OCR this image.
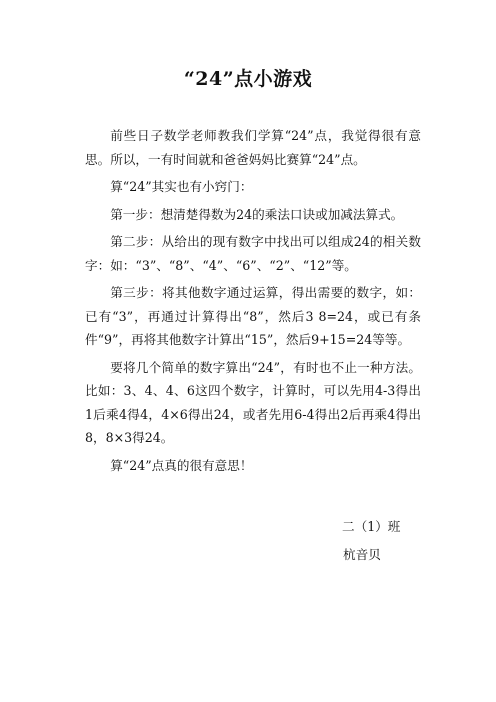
“24”点小游戏

前些日子数学老师教我们学算“24”点，我觉得很有意思。所以，一有时间就和爸爸妈妈比赛算“24”点。

算“24”其实也有小窍门：

第一步：想清楚得数为24的乘法口诀或加减法算式。

第二步：从给出的现有数字中找出可以组成24的相关数字：如：“3”、“8”、“4”、“6”、“2”、“12”等。

第三步：将其他数字通过运算，得出需要的数字，如：已有“3”，再通过计算得出“8”，然后3 8=24，或已有条件“9”，再将其他数字计算出“15”，然后9+15=24等等。

要将几个简单的数字算出“24”，有时也不止一种方法。比如：3、4、4、6这四个数字，计算时，可以先用4-3得出1后乘4得4，4×6得出24，或者先用6-4得出2后再乘4得出8，8×3得24。

算“24”点真的很有意思！

二（1）班
杭音贝
